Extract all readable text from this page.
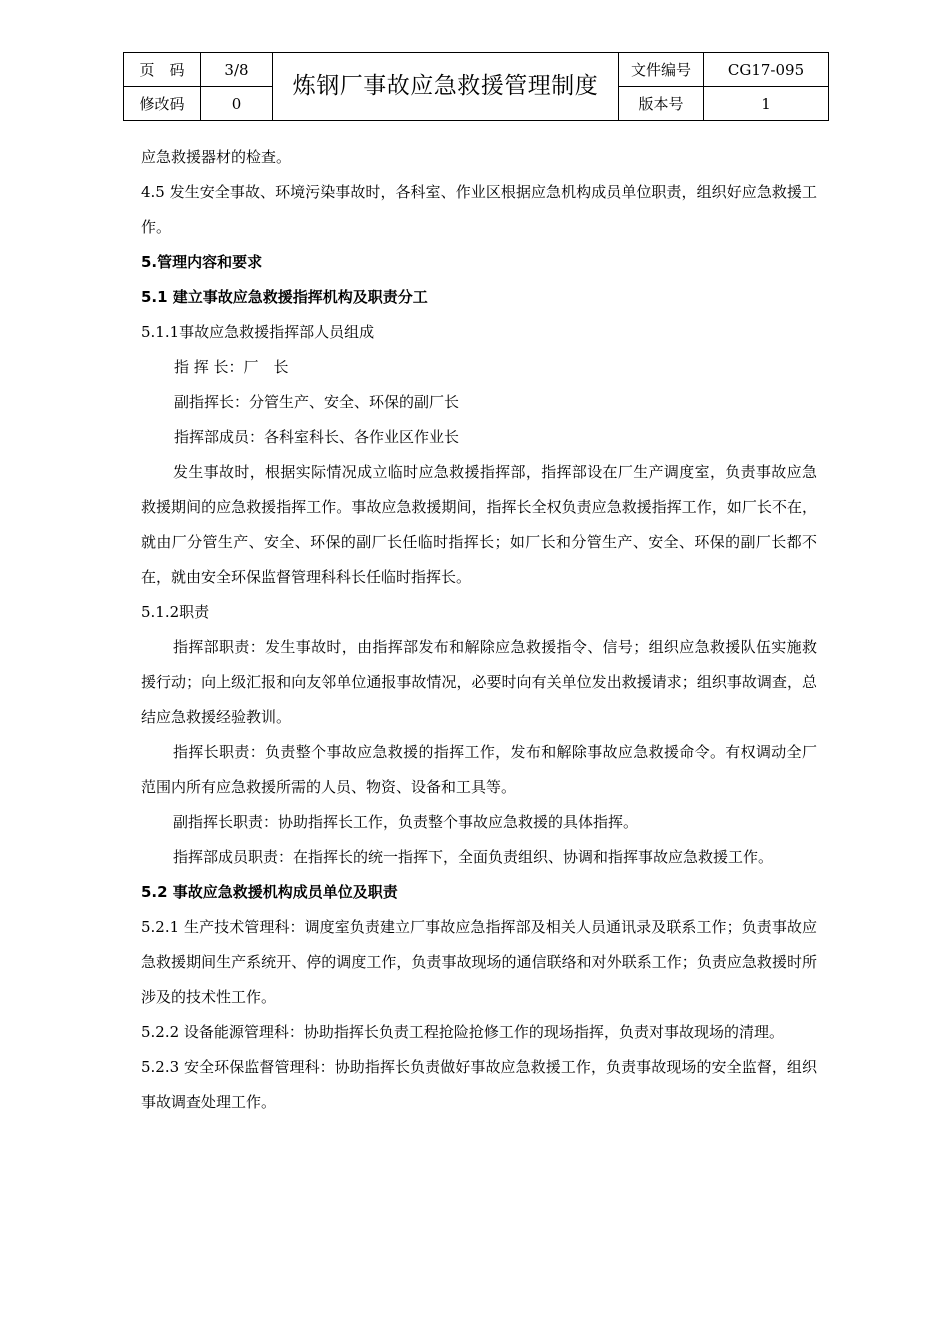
页　码	3/8	炼钢厂事故应急救援管理制度	文件编号	CG17-095
修改码	0		版本号	1

应急救援器材的检查。

4.5 发生安全事故、环境污染事故时，各科室、作业区根据应急机构成员单位职责，组织好应急救援工作。

5.管理内容和要求

5.1 建立事故应急救援指挥机构及职责分工

5.1.1事故应急救援指挥部人员组成

指 挥 长：厂　长

副指挥长：分管生产、安全、环保的副厂长

指挥部成员：各科室科长、各作业区作业长

发生事故时，根据实际情况成立临时应急救援指挥部，指挥部设在厂生产调度室，负责事故应急救援期间的应急救援指挥工作。事故应急救援期间，指挥长全权负责应急救援指挥工作，如厂长不在，就由厂分管生产、安全、环保的副厂长任临时指挥长；如厂长和分管生产、安全、环保的副厂长都不在，就由安全环保监督管理科科长任临时指挥长。

5.1.2职责

指挥部职责：发生事故时，由指挥部发布和解除应急救援指令、信号；组织应急救援队伍实施救援行动；向上级汇报和向友邻单位通报事故情况，必要时向有关单位发出救援请求；组织事故调查，总结应急救援经验教训。

指挥长职责：负责整个事故应急救援的指挥工作，发布和解除事故应急救援命令。有权调动全厂范围内所有应急救援所需的人员、物资、设备和工具等。

副指挥长职责：协助指挥长工作，负责整个事故应急救援的具体指挥。

指挥部成员职责：在指挥长的统一指挥下，全面负责组织、协调和指挥事故应急救援工作。

5.2 事故应急救援机构成员单位及职责

5.2.1 生产技术管理科：调度室负责建立厂事故应急指挥部及相关人员通讯录及联系工作；负责事故应急救援期间生产系统开、停的调度工作，负责事故现场的通信联络和对外联系工作；负责应急救援时所涉及的技术性工作。

5.2.2 设备能源管理科：协助指挥长负责工程抢险抢修工作的现场指挥，负责对事故现场的清理。

5.2.3 安全环保监督管理科：协助指挥长负责做好事故应急救援工作，负责事故现场的安全监督，组织事故调查处理工作。
